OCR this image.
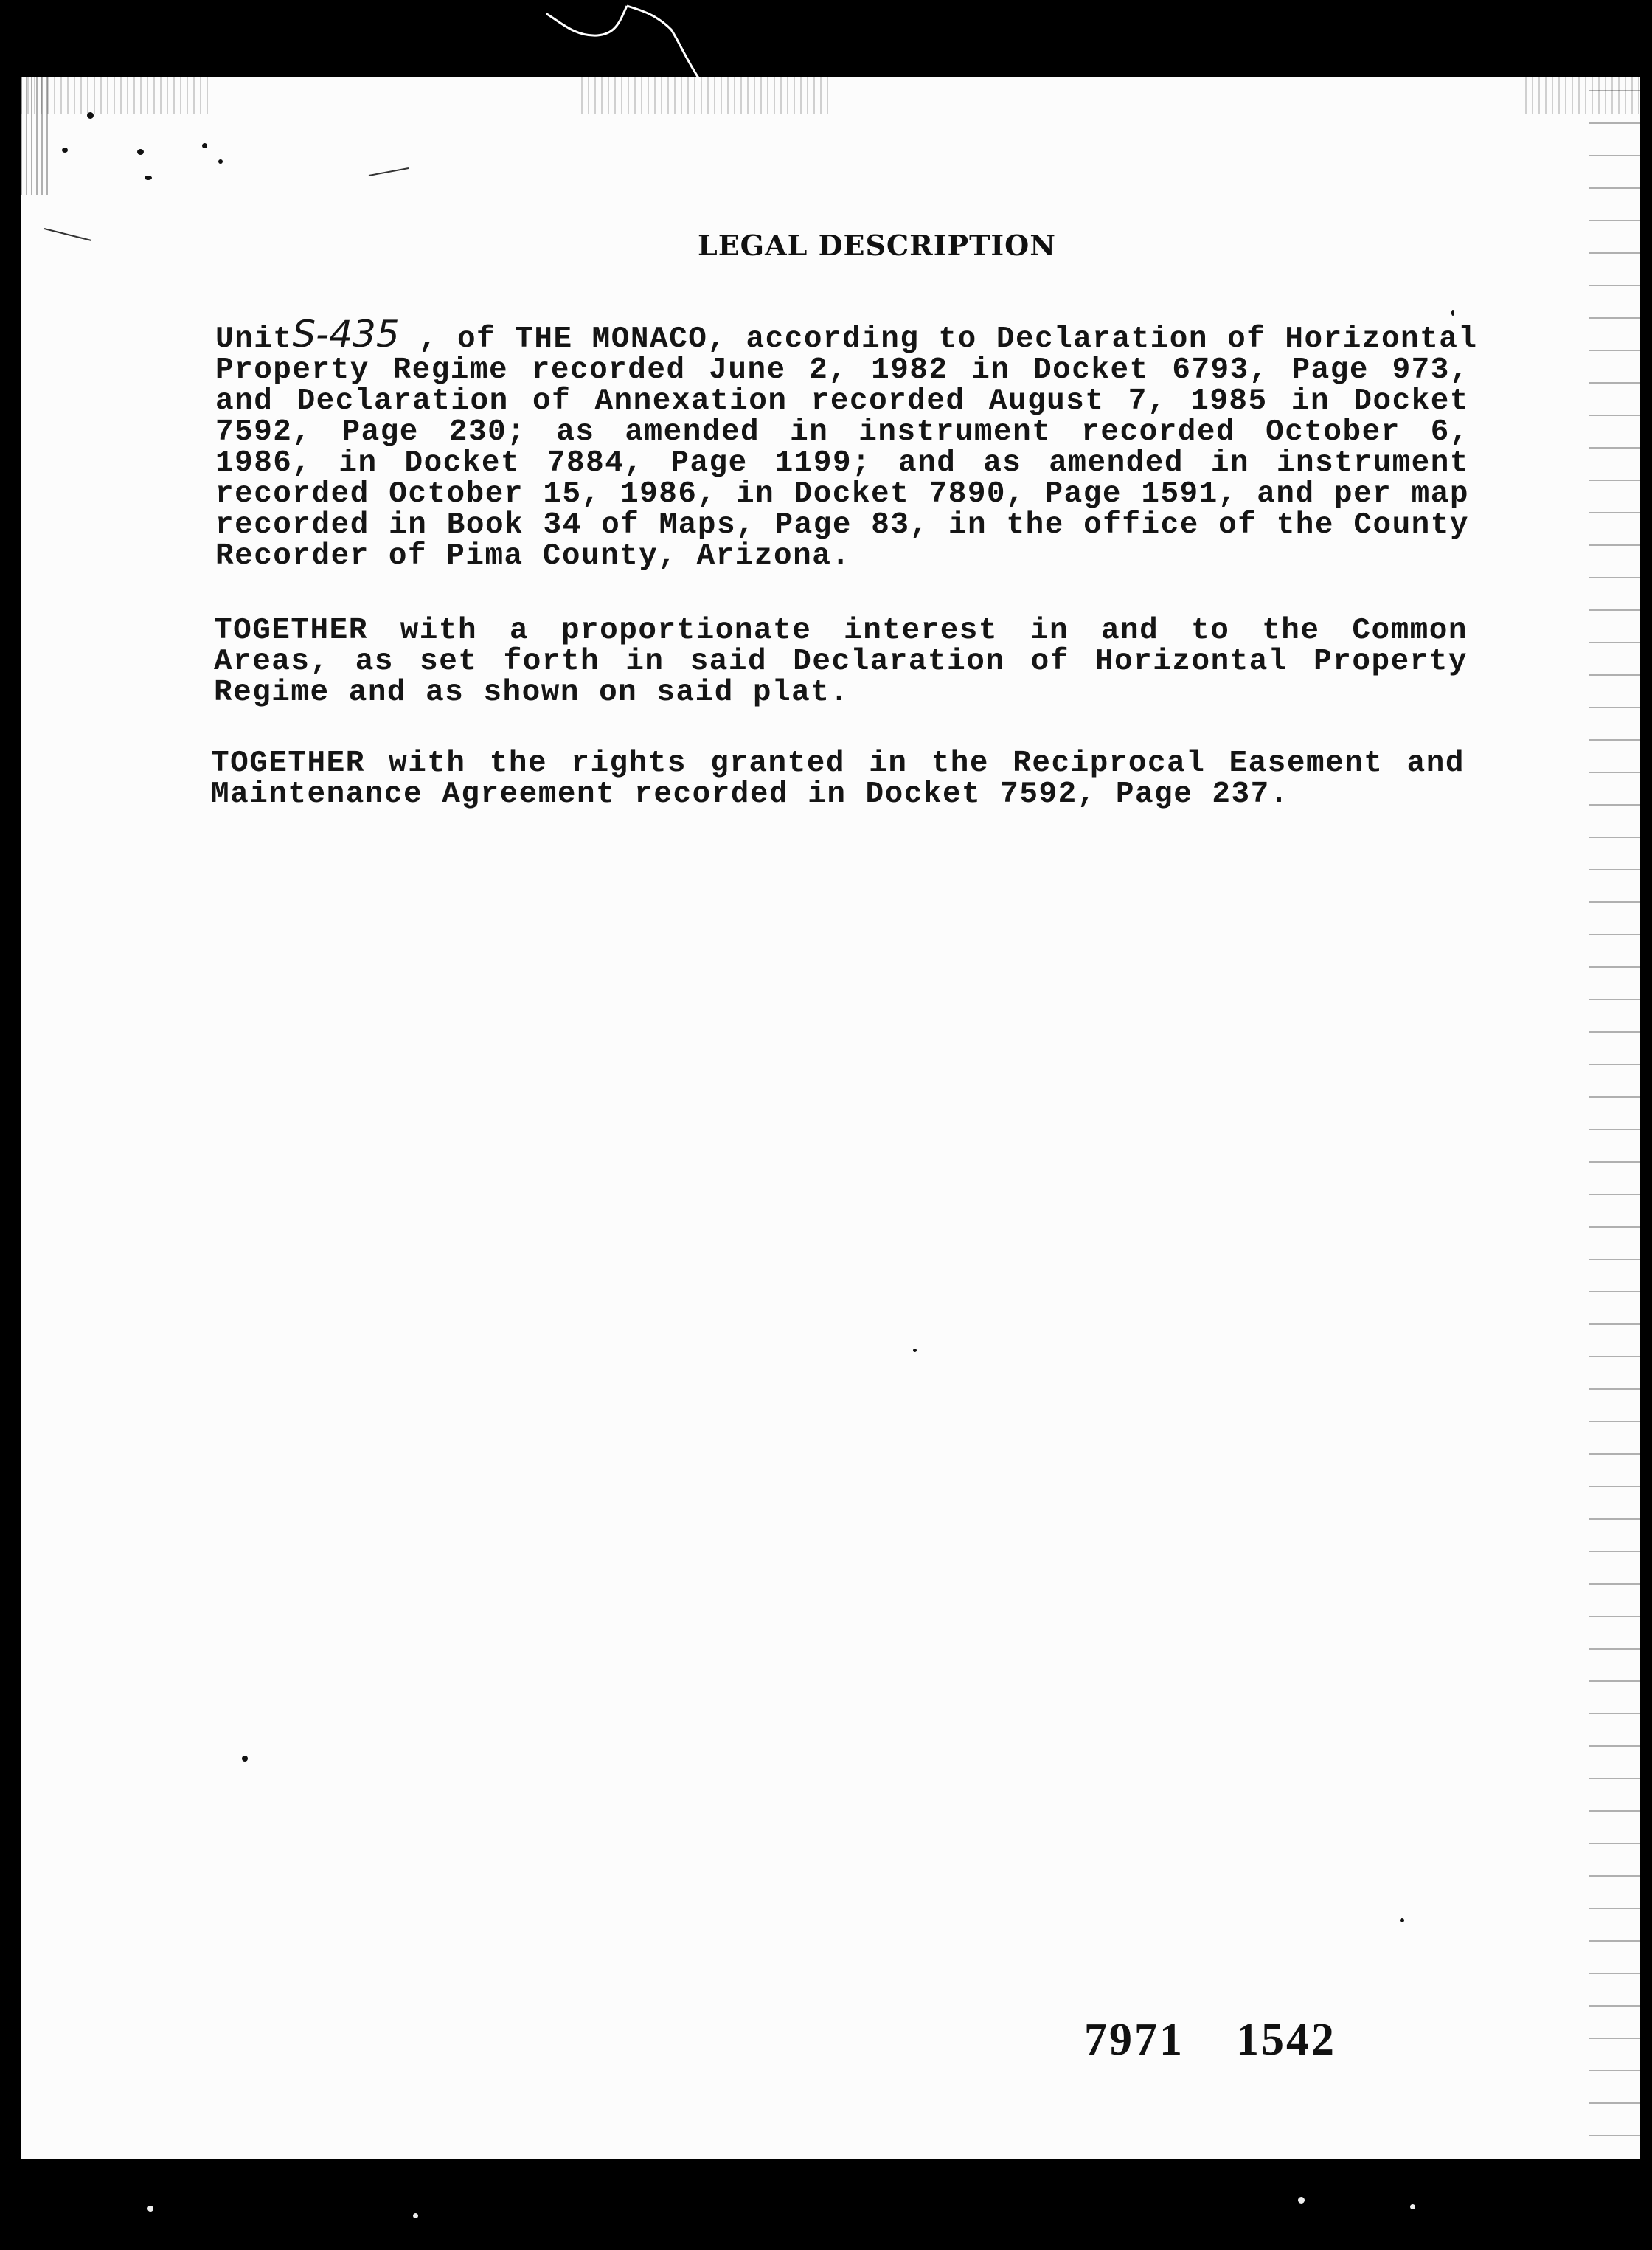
LEGAL DESCRIPTION
UnitS-435 , of THE MONACO, according to Declaration of Horizontal
Property Regime recorded June 2, 1982 in Docket 6793, Page 973,
and Declaration of Annexation recorded August 7, 1985 in Docket
7592, Page 230; as amended in instrument recorded October 6,
1986, in Docket 7884, Page 1199; and as amended in instrument
recorded October 15, 1986, in Docket 7890, Page 1591, and per map
recorded in Book 34 of Maps, Page 83, in the office of the County
Recorder of Pima County, Arizona.
TOGETHER with a proportionate interest in and to the Common
Areas, as set forth in said Declaration of Horizontal Property
Regime and as shown on said plat.
TOGETHER with the rights granted in the Reciprocal Easement and
Maintenance Agreement recorded in Docket 7592, Page 237.
7971 1542
